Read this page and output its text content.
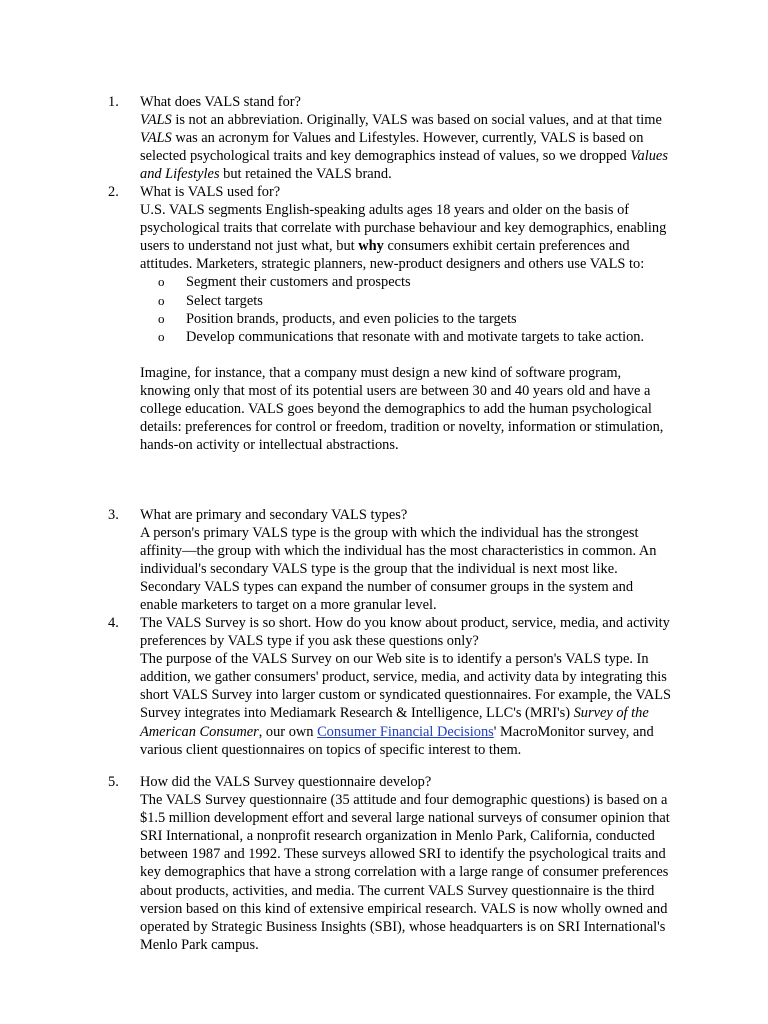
1.	What does VALS stand for?

VALS is not an abbreviation. Originally, VALS was based on social values, and at that time VALS was an acronym for Values and Lifestyles. However, currently, VALS is based on selected psychological traits and key demographics instead of values, so we dropped Values and Lifestyles but retained the VALS brand.

2.	What is VALS used for?

U.S. VALS segments English-speaking adults ages 18 years and older on the basis of psychological traits that correlate with purchase behaviour and key demographics, enabling users to understand not just what, but why consumers exhibit certain preferences and attitudes. Marketers, strategic planners, new-product designers and others use VALS to:

o Segment their customers and prospects
o Select targets
o Position brands, products, and even policies to the targets
o Develop communications that resonate with and motivate targets to take action.

Imagine, for instance, that a company must design a new kind of software program, knowing only that most of its potential users are between 30 and 40 years old and have a college education. VALS goes beyond the demographics to add the human psychological details: preferences for control or freedom, tradition or novelty, information or stimulation, hands-on activity or intellectual abstractions.

3.	What are primary and secondary VALS types?

A person's primary VALS type is the group with which the individual has the strongest affinity—the group with which the individual has the most characteristics in common. An individual's secondary VALS type is the group that the individual is next most like. Secondary VALS types can expand the number of consumer groups in the system and enable marketers to target on a more granular level.

4.	The VALS Survey is so short. How do you know about product, service, media, and activity preferences by VALS type if you ask these questions only?

The purpose of the VALS Survey on our Web site is to identify a person's VALS type. In addition, we gather consumers' product, service, media, and activity data by integrating this short VALS Survey into larger custom or syndicated questionnaires. For example, the VALS Survey integrates into Mediamark Research & Intelligence, LLC's (MRI's) Survey of the American Consumer, our own Consumer Financial Decisions' MacroMonitor survey, and various client questionnaires on topics of specific interest to them.

5.	How did the VALS Survey questionnaire develop?

The VALS Survey questionnaire (35 attitude and four demographic questions) is based on a $1.5 million development effort and several large national surveys of consumer opinion that SRI International, a nonprofit research organization in Menlo Park, California, conducted between 1987 and 1992. These surveys allowed SRI to identify the psychological traits and key demographics that have a strong correlation with a large range of consumer preferences about products, activities, and media. The current VALS Survey questionnaire is the third version based on this kind of extensive empirical research. VALS is now wholly owned and operated by Strategic Business Insights (SBI), whose headquarters is on SRI International's Menlo Park campus.
